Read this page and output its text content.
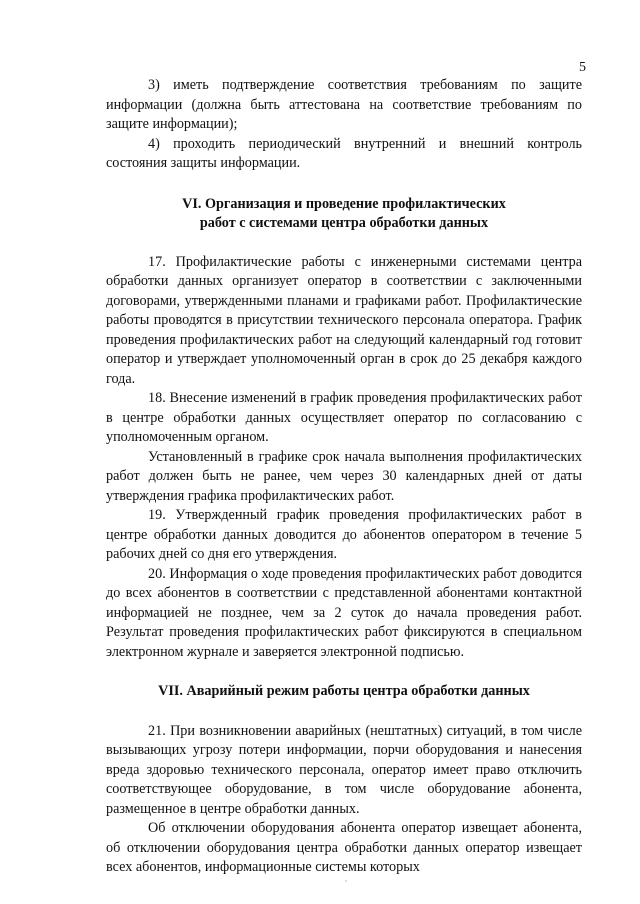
5

3) иметь подтверждение соответствия требованиям по защите информации (должна быть аттестована на соответствие требованиям по защите информации);

4) проходить периодический внутренний и внешний контроль состояния защиты информации.

VI. Организация и проведение профилактических
работ с системами центра обработки данных

17. Профилактические работы с инженерными системами центра обработки данных организует оператор в соответствии с заключенными договорами, утвержденными планами и графиками работ. Профилактические работы проводятся в присутствии технического персонала оператора. График проведения профилактических работ на следующий календарный год готовит оператор и утверждает уполномоченный орган в срок до 25 декабря каждого года.

18. Внесение изменений в график проведения профилактических работ в центре обработки данных осуществляет оператор по согласованию с уполномоченным органом.

Установленный в графике срок начала выполнения профилактических работ должен быть не ранее, чем через 30 календарных дней от даты утверждения графика профилактических работ.

19. Утвержденный график проведения профилактических работ в центре обработки данных доводится до абонентов оператором в течение 5 рабочих дней со дня его утверждения.

20. Информация о ходе проведения профилактических работ доводится до всех абонентов в соответствии с представленной абонентами контактной информацией не позднее, чем за 2 суток до начала проведения работ. Результат проведения профилактических работ фиксируются в специальном электронном журнале и заверяется электронной подписью.

VII. Аварийный режим работы центра обработки данных

21. При возникновении аварийных (нештатных) ситуаций, в том числе вызывающих угрозу потери информации, порчи оборудования и нанесения вреда здоровью технического персонала, оператор имеет право отключить соответствующее оборудование, в том числе оборудование абонента, размещенное в центре обработки данных.

Об отключении оборудования абонента оператор извещает абонента, об отключении оборудования центра обработки данных оператор извещает всех абонентов, информационные системы которых
